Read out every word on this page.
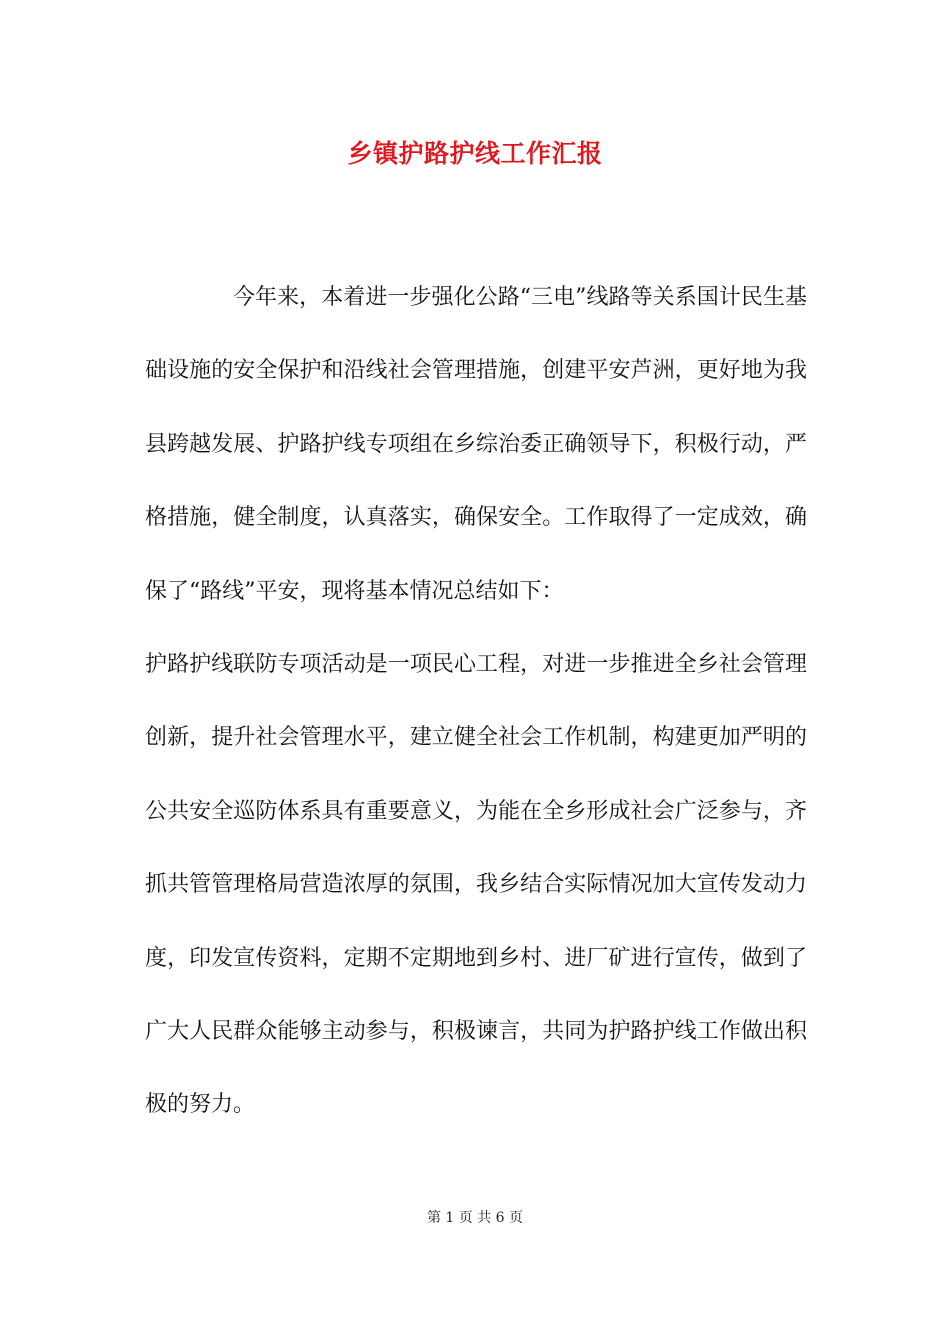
乡镇护路护线工作汇报
今年来，本着进一步强化公路“三电”线路等关系国计民生基础设施的安全保护和沿线社会管理措施，创建平安芦洲，更好地为我县跨越发展、护路护线专项组在乡综治委正确领导下，积极行动，严格措施，健全制度，认真落实，确保安全。工作取得了一定成效，确保了“路线”平安，现将基本情况总结如下：
护路护线联防专项活动是一项民心工程，对进一步推进全乡社会管理创新，提升社会管理水平，建立健全社会工作机制，构建更加严明的公共安全巡防体系具有重要意义，为能在全乡形成社会广泛参与，齐抓共管管理格局营造浓厚的氛围，我乡结合实际情况加大宣传发动力度，印发宣传资料，定期不定期地到乡村、进厂矿进行宣传，做到了广大人民群众能够主动参与，积极谏言，共同为护路护线工作做出积极的努力。
第 1 页 共 6 页
